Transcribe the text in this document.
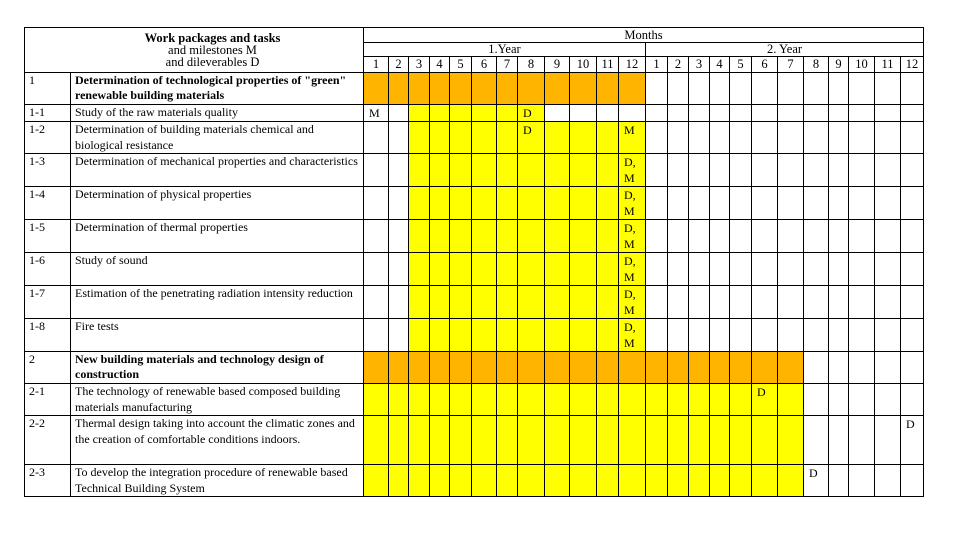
Work packages and tasks
and milestones M
and dileverables D		Months																							
		1.Year												2. Year											
		1	2	3	4	5	6	7	8	9	10	11	12	1	2	3	4	5	6	7	8	9	10	11	12
1	Determination of technological properties of "green" renewable building materials																								
1-1	Study of the raw materials quality	M							D																
1-2	Determination of building materials chemical and biological resistance								D				M												
1-3	Determination of mechanical properties and characteristics												D, M												
1-4	Determination of physical properties												D, M												
1-5	Determination of thermal properties												D, M												
1-6	Study of sound												D, M												
1-7	Estimation of the penetrating radiation intensity reduction												D, M												
1-8	Fire tests												D, M												
2	New building materials and technology design of construction																								
2-1	The technology of renewable based composed building materials manufacturing																		D						
2-2	Thermal design taking into account the climatic zones and the creation of comfortable conditions indoors.																								D
2-3	To develop the integration procedure of renewable based Technical Building System																				D				
